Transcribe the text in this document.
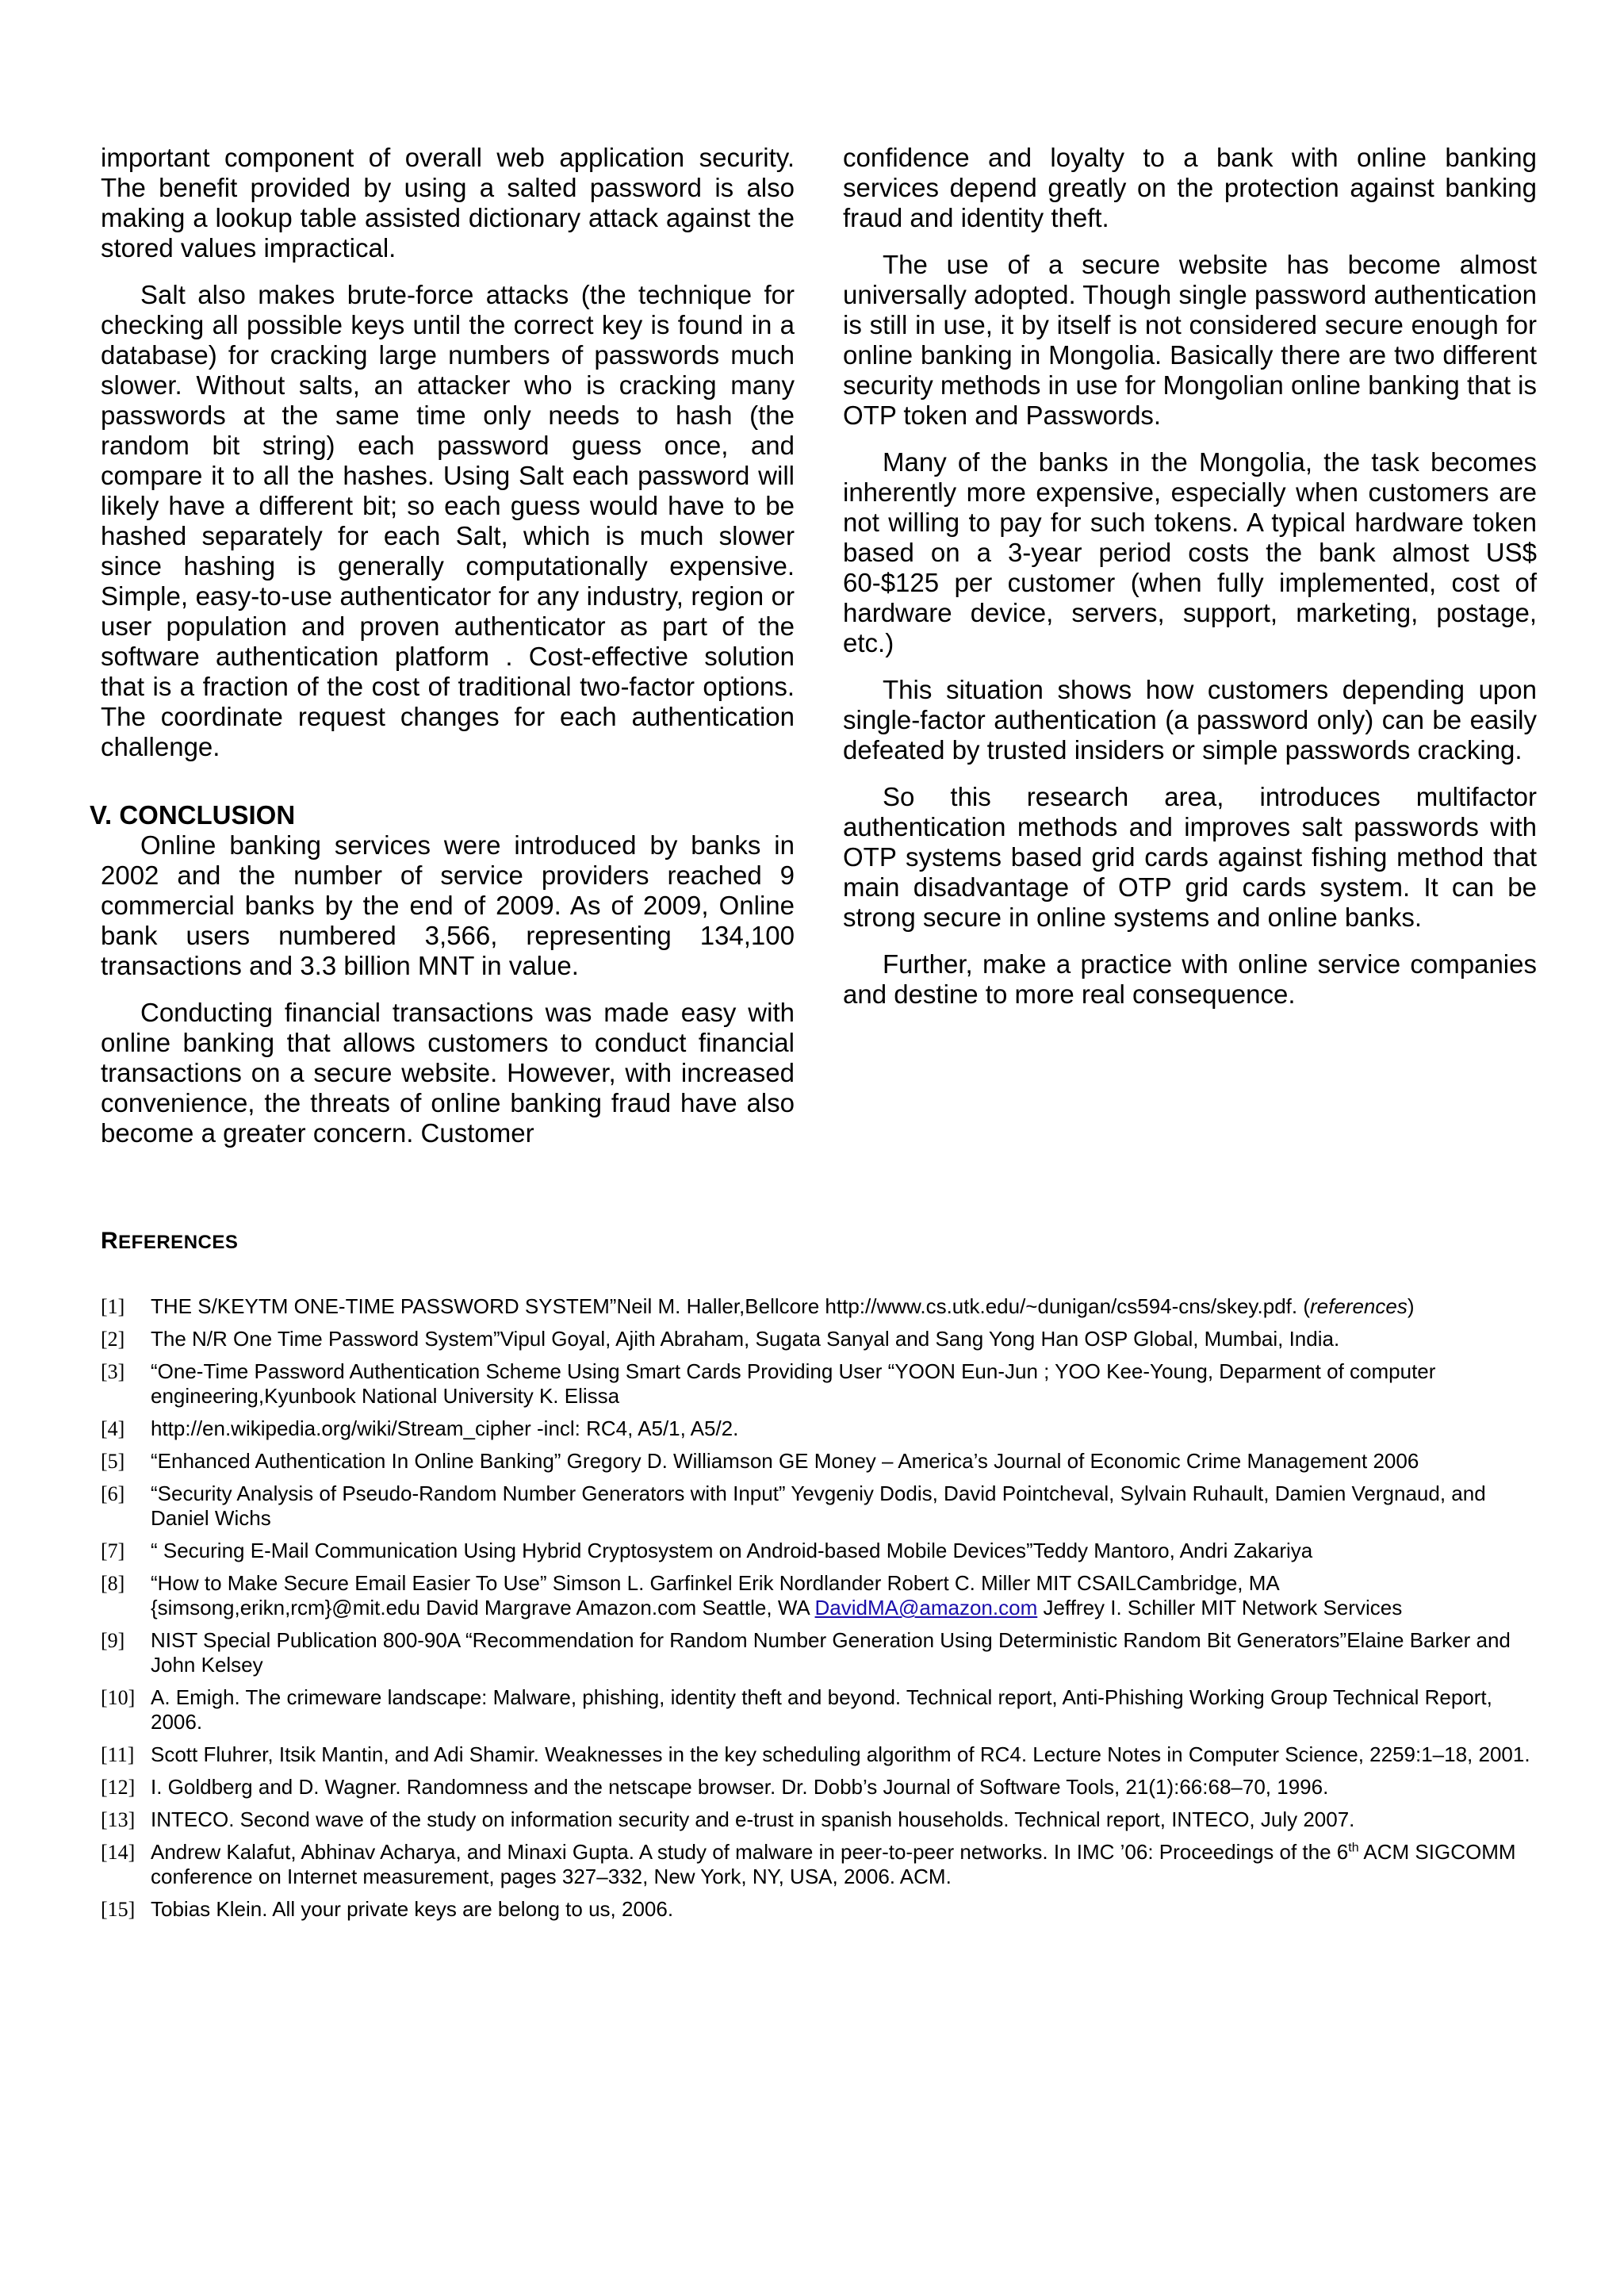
important component of overall web application security. The benefit provided by using a salted password is also making a lookup table assisted dictionary attack against the stored values impractical.

Salt also makes brute-force attacks (the technique for checking all possible keys until the correct key is found in a database) for cracking large numbers of passwords much slower. Without salts, an attacker who is cracking many passwords at the same time only needs to hash (the random bit string) each password guess once, and compare it to all the hashes. Using Salt each password will likely have a different bit; so each guess would have to be hashed separately for each Salt, which is much slower since hashing is generally computationally expensive. Simple, easy-to-use authenticator for any industry, region or user population and proven authenticator as part of the software authentication platform . Cost-effective solution that is a fraction of the cost of traditional two-factor options. The coordinate request changes for each authentication challenge.

V. CONCLUSION

Online banking services were introduced by banks in 2002 and the number of service providers reached 9 commercial banks by the end of 2009. As of 2009, Online bank users numbered 3,566, representing 134,100 transactions and 3.3 billion MNT in value.

Conducting financial transactions was made easy with online banking that allows customers to conduct financial transactions on a secure website. However, with increased convenience, the threats of online banking fraud have also become a greater concern. Customer

confidence and loyalty to a bank with online banking services depend greatly on the protection against banking fraud and identity theft.

The use of a secure website has become almost universally adopted. Though single password authentication is still in use, it by itself is not considered secure enough for online banking in Mongolia. Basically there are two different security methods in use for Mongolian online banking that is OTP token and Passwords.

Many of the banks in the Mongolia, the task becomes inherently more expensive, especially when customers are not willing to pay for such tokens. A typical hardware token based on a 3-year period costs the bank almost US$ 60-$125 per customer (when fully implemented, cost of hardware device, servers, support, marketing, postage, etc.)

This situation shows how customers depending upon single-factor authentication (a password only) can be easily defeated by trusted insiders or simple passwords cracking.

So this research area, introduces multifactor authentication methods and improves salt passwords with OTP systems based grid cards against fishing method that main disadvantage of OTP grid cards system. It can be strong secure in online systems and online banks.

Further, make a practice with online service companies and destine to more real consequence.

REFERENCES
[1]	THE S/KEYTM ONE-TIME PASSWORD SYSTEM”Neil M. Haller,Bellcore http://www.cs.utk.edu/~dunigan/cs594-cns/skey.pdf. (references)
[2]	The N/R One Time Password System”Vipul Goyal, Ajith Abraham, Sugata Sanyal and Sang Yong Han OSP Global, Mumbai, India.
[3]	“One-Time Password Authentication Scheme Using Smart Cards Providing User “YOON Eun-Jun ; YOO Kee-Young, Deparment of computer engineering,Kyunbook National University K. Elissa
[4]	http://en.wikipedia.org/wiki/Stream_cipher -incl: RC4, A5/1, A5/2.
[5]	“Enhanced Authentication In Online Banking” Gregory D. Williamson GE Money – America’s Journal of Economic Crime Management 2006
[6]	“Security Analysis of Pseudo-Random Number Generators with Input” Yevgeniy Dodis, David Pointcheval, Sylvain Ruhault, Damien Vergnaud, and Daniel Wichs
[7]	“ Securing E-Mail Communication Using Hybrid Cryptosystem on Android-based Mobile Devices”Teddy Mantoro, Andri Zakariya
[8]	“How to Make Secure Email Easier To Use” Simson L. Garfinkel Erik Nordlander Robert C. Miller MIT CSAILCambridge, MA {simsong,erikn,rcm}@mit.edu David Margrave Amazon.com Seattle, WA DavidMA@amazon.com Jeffrey I. Schiller MIT Network Services
[9]	NIST Special Publication 800-90A “Recommendation for Random Number Generation Using Deterministic Random Bit Generators”Elaine Barker and John Kelsey
[10] A. Emigh. The crimeware landscape: Malware, phishing, identity theft and beyond. Technical report, Anti-Phishing Working Group Technical Report, 2006.
[11] Scott Fluhrer, Itsik Mantin, and Adi Shamir. Weaknesses in the key scheduling algorithm of RC4. Lecture Notes in Computer Science, 2259:1–18, 2001.
[12] I. Goldberg and D. Wagner. Randomness and the netscape browser. Dr. Dobb’s Journal of Software Tools, 21(1):66:68–70, 1996.
[13] INTECO. Second wave of the study on information security and e-trust in spanish households. Technical report, INTECO, July 2007.
[14] Andrew Kalafut, Abhinav Acharya, and Minaxi Gupta. A study of malware in peer-to-peer networks. In IMC ’06: Proceedings of the 6th ACM SIGCOMM conference on Internet measurement, pages 327–332, New York, NY, USA, 2006. ACM.
[15] Tobias Klein. All your private keys are belong to us, 2006.
